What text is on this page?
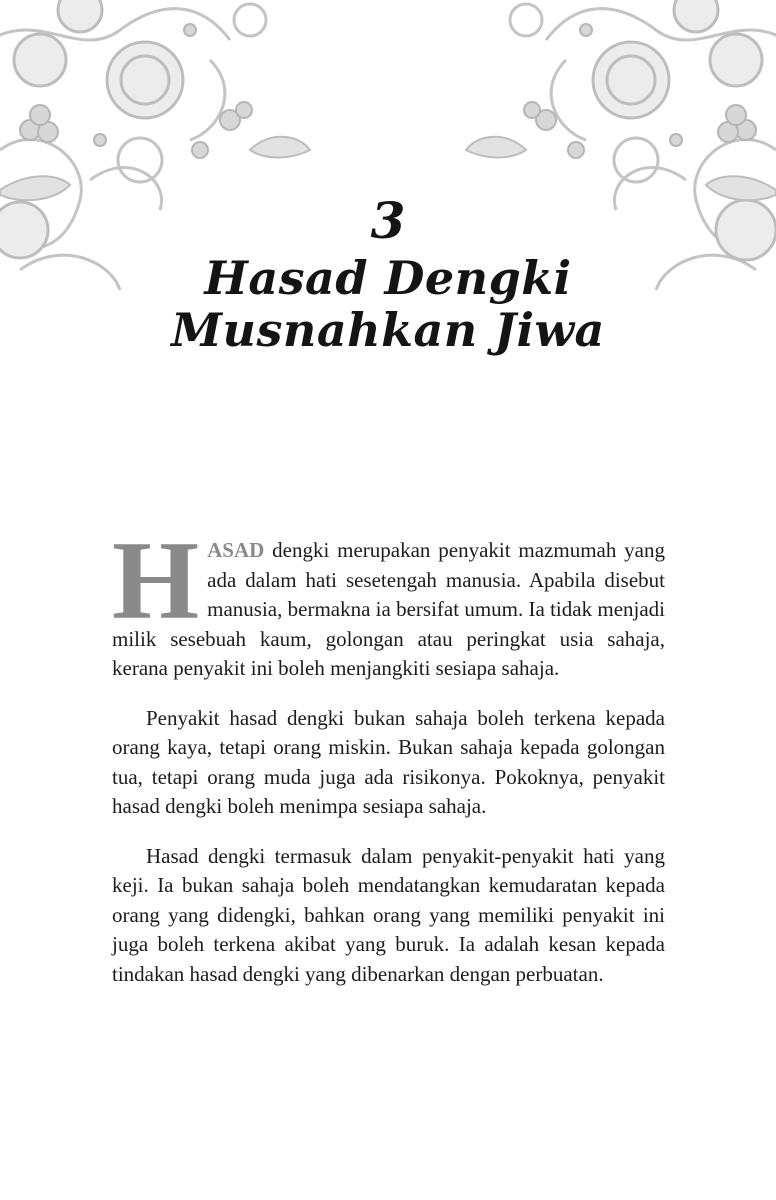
3
Hasad Dengki
Musnahkan Jiwa

HASAD dengki merupakan penyakit mazmumah yang ada dalam hati sesetengah manusia. Apabila disebut manusia, bermakna ia bersifat umum. Ia tidak menjadi milik sesebuah kaum, golongan atau peringkat usia sahaja, kerana penyakit ini boleh menjangkiti sesiapa sahaja.

Penyakit hasad dengki bukan sahaja boleh terkena kepada orang kaya, tetapi orang miskin. Bukan sahaja kepada golongan tua, tetapi orang muda juga ada risikonya. Pokoknya, penyakit hasad dengki boleh menimpa sesiapa sahaja.

Hasad dengki termasuk dalam penyakit-penyakit hati yang keji. Ia bukan sahaja boleh mendatangkan kemudaratan kepada orang yang didengki, bahkan orang yang memiliki penyakit ini juga boleh terkena akibat yang buruk. Ia adalah kesan kepada tindakan hasad dengki yang dibenarkan dengan perbuatan.
